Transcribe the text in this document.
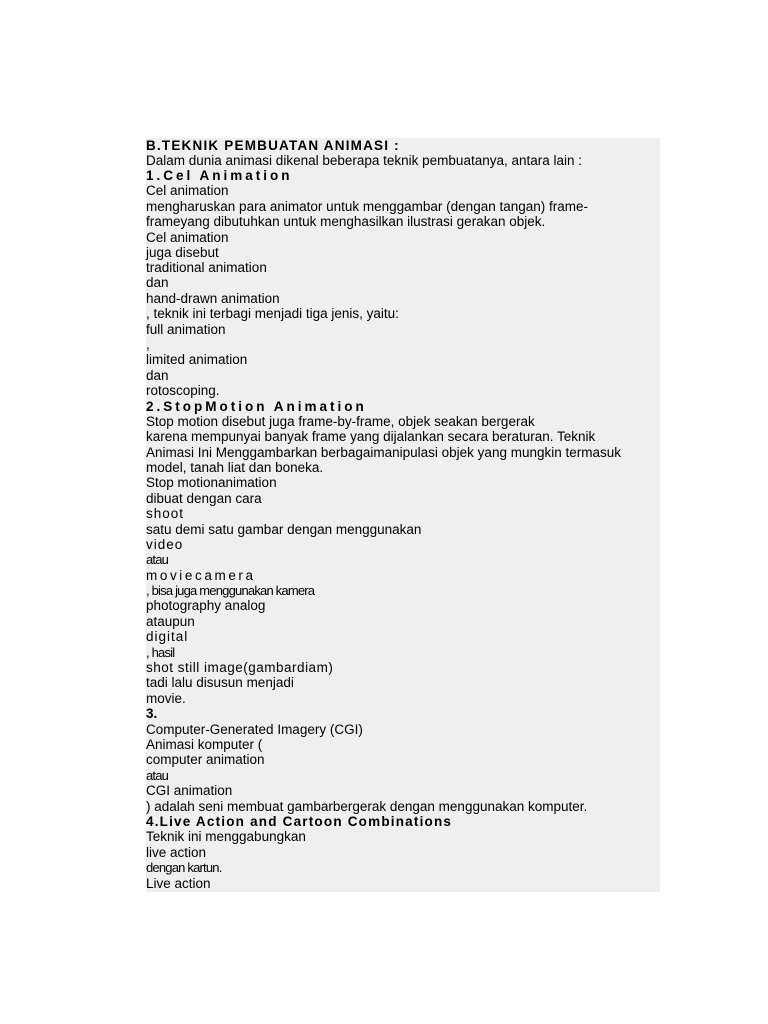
B.TEKNIK PEMBUATAN ANIMASI :
Dalam dunia animasi dikenal beberapa teknik pembuatanya, antara lain :
1.Cel Animation
Cel animation
mengharuskan para animator untuk menggambar (dengan tangan) frame-
frameyang dibutuhkan untuk menghasilkan ilustrasi gerakan objek.
Cel animation
juga disebut
traditional animation
dan
hand-drawn animation
, teknik ini terbagi menjadi tiga jenis, yaitu:
full animation
,
limited animation
dan
rotoscoping.
2.StopMotion Animation
Stop motion disebut juga frame-by-frame, objek seakan bergerak
karena mempunyai banyak frame yang dijalankan secara beraturan. Teknik
Animasi Ini Menggambarkan berbagaimanipulasi objek yang mungkin termasuk
model, tanah liat dan boneka.
Stop motionanimation
dibuat dengan cara
shoot
satu demi satu gambar dengan menggunakan
video
atau
moviecamera
, bisa juga menggunakan kamera
photography analog
ataupun
digital
, hasil
shot still image(gambardiam)
tadi lalu disusun menjadi
movie.
3.
Computer-Generated Imagery (CGI)
Animasi komputer (
computer animation
atau
CGI animation
) adalah seni membuat gambarbergerak dengan menggunakan komputer.
4.Live Action and Cartoon Combinations
Teknik ini menggabungkan
live action
dengan kartun.
Live action
